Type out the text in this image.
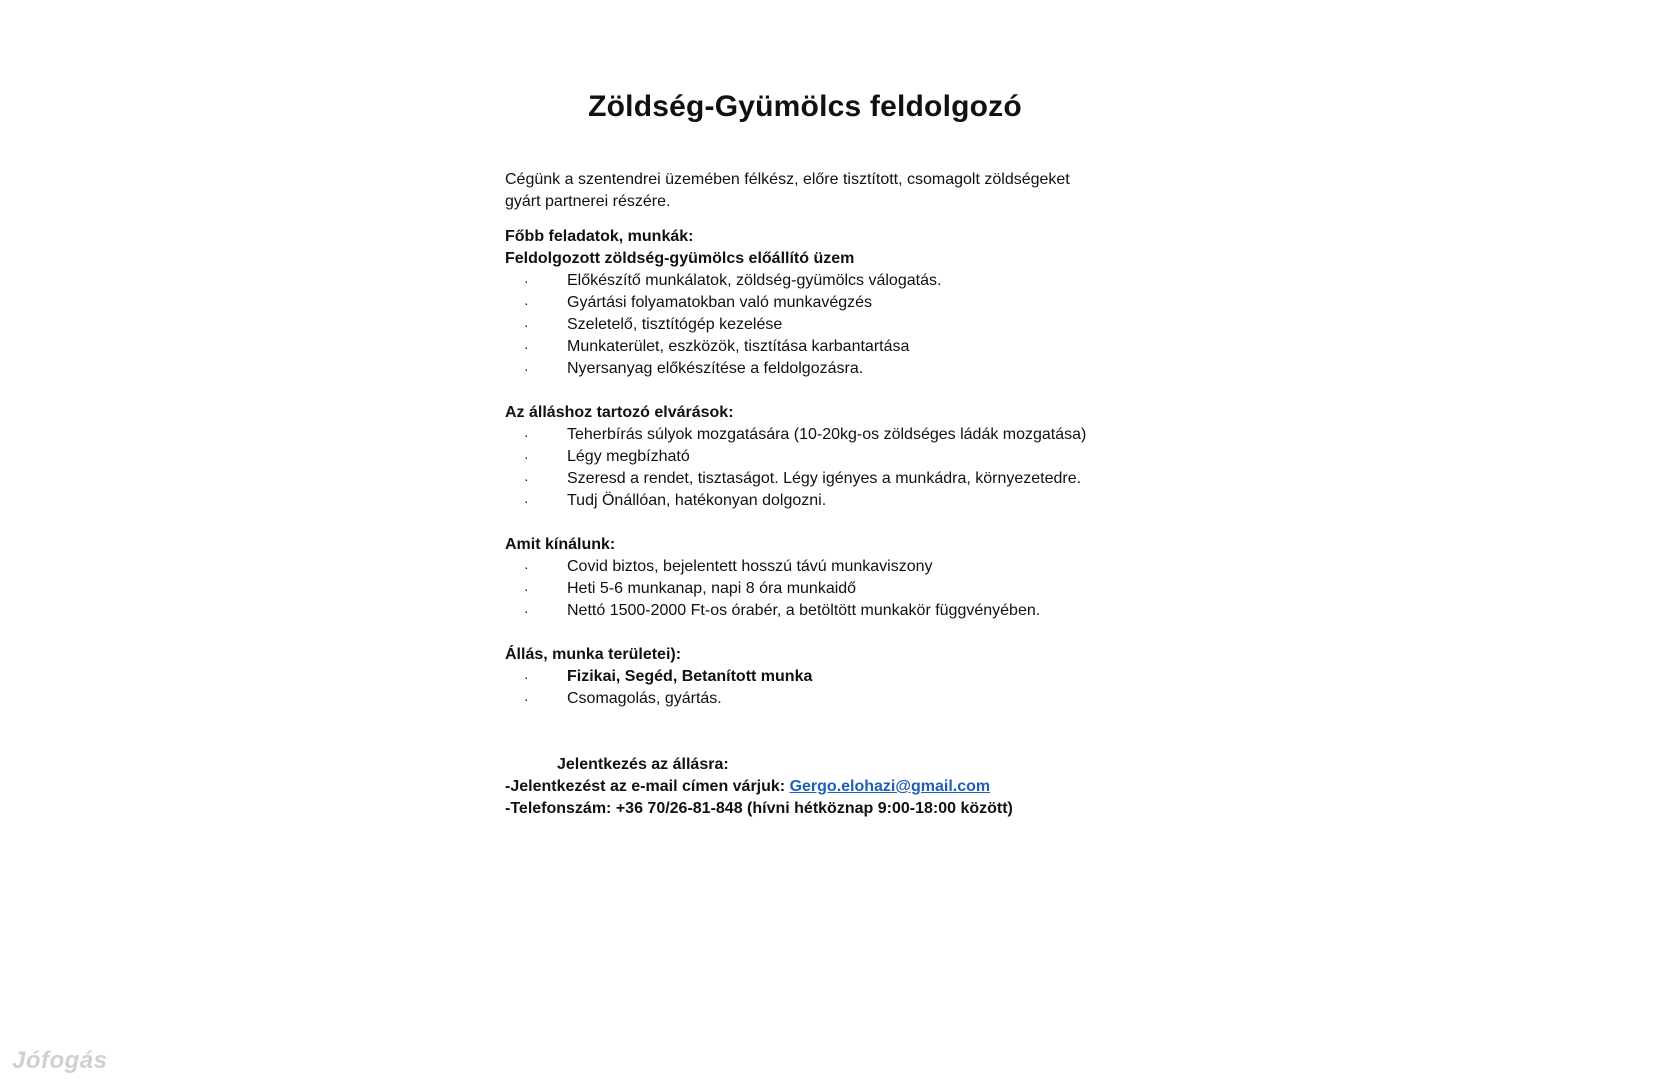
Zöldség-Gyümölcs feldolgozó
Cégünk a szentendrei üzemében félkész, előre tisztított, csomagolt zöldségeket
gyárt partnerei részére.

Főbb feladatok, munkák:

Feldolgozott zöldség-gyümölcs előállító üzem

· Előkészítő munkálatok, zöldség-gyümölcs válogatás.
· Gyártási folyamatokban való munkavégzés
· Szeletelő, tisztítógép kezelése
· Munkaterület, eszközök, tisztítása karbantartása
· Nyersanyag előkészítése a feldolgozásra.

Az álláshoz tartozó elvárások:

· Teherbírás súlyok mozgatására (10-20kg-os zöldséges ládák mozgatása)
· Légy megbízható
· Szeresd a rendet, tisztaságot. Légy igényes a munkádra, környezetedre.
· Tudj Önállóan, hatékonyan dolgozni.

Amit kínálunk:

· Covid biztos, bejelentett hosszú távú munkaviszony
· Heti 5-6 munkanap, napi 8 óra munkaidő
· Nettó 1500-2000 Ft-os órabér, a betöltött munkakör függvényében.

Állás, munka területei):

· Fizikai, Segéd, Betanított munka
· Csomagolás, gyártás.
Jelentkezés az állásra:
-Jelentkezést az e-mail címen várjuk: Gergo.elohazi@gmail.com
-Telefonszám: +36 70/26-81-848 (hívni hétköznap 9:00-18:00 között)
Jófogás
